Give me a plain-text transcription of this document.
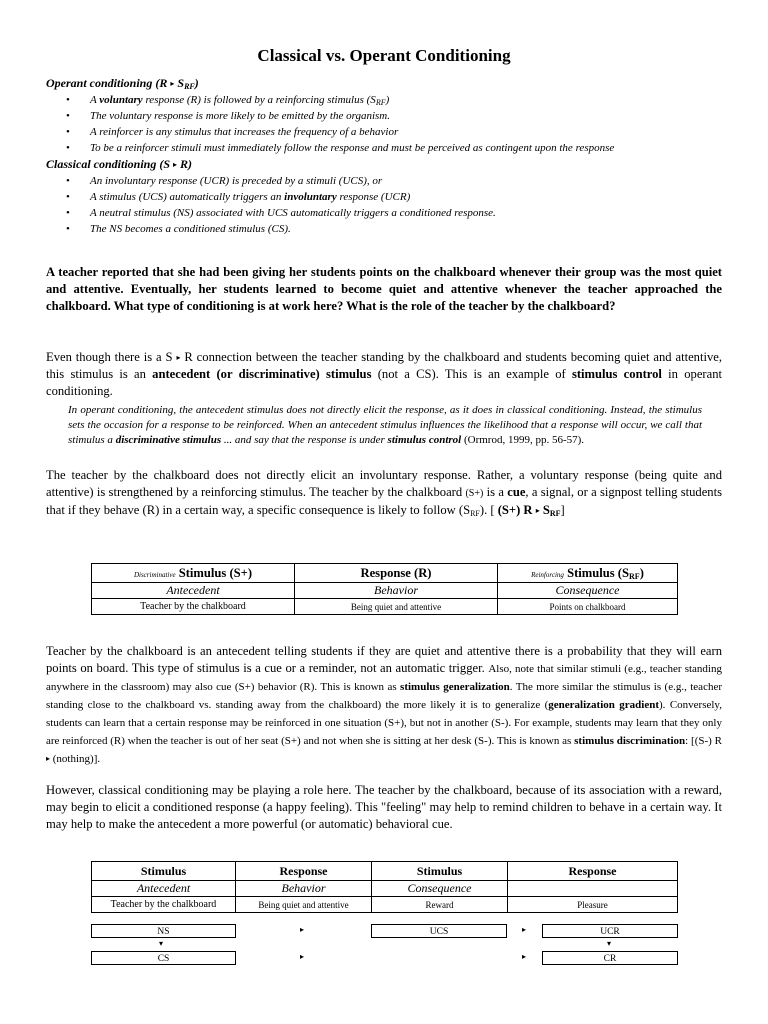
Classical vs. Operant Conditioning
Operant conditioning (R ▸ $S_{RF}$)
• A voluntary response (R) is followed by a reinforcing stimulus $(S_{RF})$
• The voluntary response is more likely to be emitted by the organism.
• A reinforcer is any stimulus that increases the frequency of a behavior
• To be a reinforcer stimuli must immediately follow the response and must be perceived as contingent upon the response
Classical conditioning (S ▸ R)
• An involuntary response (UCR) is preceded by a stimuli (UCS), or
• A stimulus (UCS) automatically triggers an involuntary response (UCR)
• A neutral stimulus (NS) associated with UCS automatically triggers a conditioned response.
• The NS becomes a conditioned stimulus (CS).
A teacher reported that she had been giving her students points on the chalkboard whenever their group was the most quiet and attentive. Eventually, her students learned to become quiet and attentive whenever the teacher approached the chalkboard. What type of conditioning is at work here? What is the role of the teacher by the chalkboard?
Even though there is a S ▸ R connection between the teacher standing by the chalkboard and students becoming quiet and attentive, this stimulus is an antecedent (or discriminative) stimulus (not a CS). This is an example of stimulus control in operant conditioning.
In operant conditioning, the antecedent stimulus does not directly elicit the response, as it does in classical conditioning. Instead, the stimulus sets the occasion for a response to be reinforced. When an antecedent stimulus influences the likelihood that a response will occur, we call that stimulus a discriminative stimulus ... and say that the response is under stimulus control (Ormrod, 1999, pp. 56-57).
The teacher by the chalkboard does not directly elicit an involuntary response. Rather, a voluntary response (being quite and attentive) is strengthened by a reinforcing stimulus. The teacher by the chalkboard (S+) is a cue, a signal, or a signpost telling students that if they behave (R) in a certain way, a specific consequence is likely to follow $(S_{RF})$. [ (S+) R ▸ $S_{RF}$]
Discriminative Stimulus (S+)	Response (R)	Reinforcing Stimulus $(S_{RF})$
Antecedent	Behavior	Consequence
Teacher by the chalkboard	Being quiet and attentive	Points on chalkboard
Teacher by the chalkboard is an antecedent telling students if they are quiet and attentive there is a probability that they will earn points on board. This type of stimulus is a cue or a reminder, not an automatic trigger. Also, note that similar stimuli (e.g., teacher standing anywhere in the classroom) may also cue (S+) behavior (R). This is known as stimulus generalization. The more similar the stimulus is (e.g., teacher standing close to the chalkboard vs. standing away from the chalkboard) the more likely it is to generalize (generalization gradient). Conversely, students can learn that a certain response may be reinforced in one situation (S+), but not in another (S-). For example, students may learn that they only are reinforced (R) when the teacher is out of her seat (S+) and not when she is sitting at her desk (S-). This is known as stimulus discrimination: [(S-) R ▸ (nothing)].
However, classical conditioning may be playing a role here. The teacher by the chalkboard, because of its association with a reward, may begin to elicit a conditioned response (a happy feeling). This "feeling" may help to remind children to behave in a certain way. It may help to make the antecedent a more powerful (or automatic) behavioral cue.
Stimulus	Response	Stimulus	Response
Antecedent	Behavior	Consequence	
Teacher by the chalkboard	Being quiet and attentive	Reward	Pleasure
NS
▾
CS
▸
▸
UCS	▸
▸
UCR
▾
CR
